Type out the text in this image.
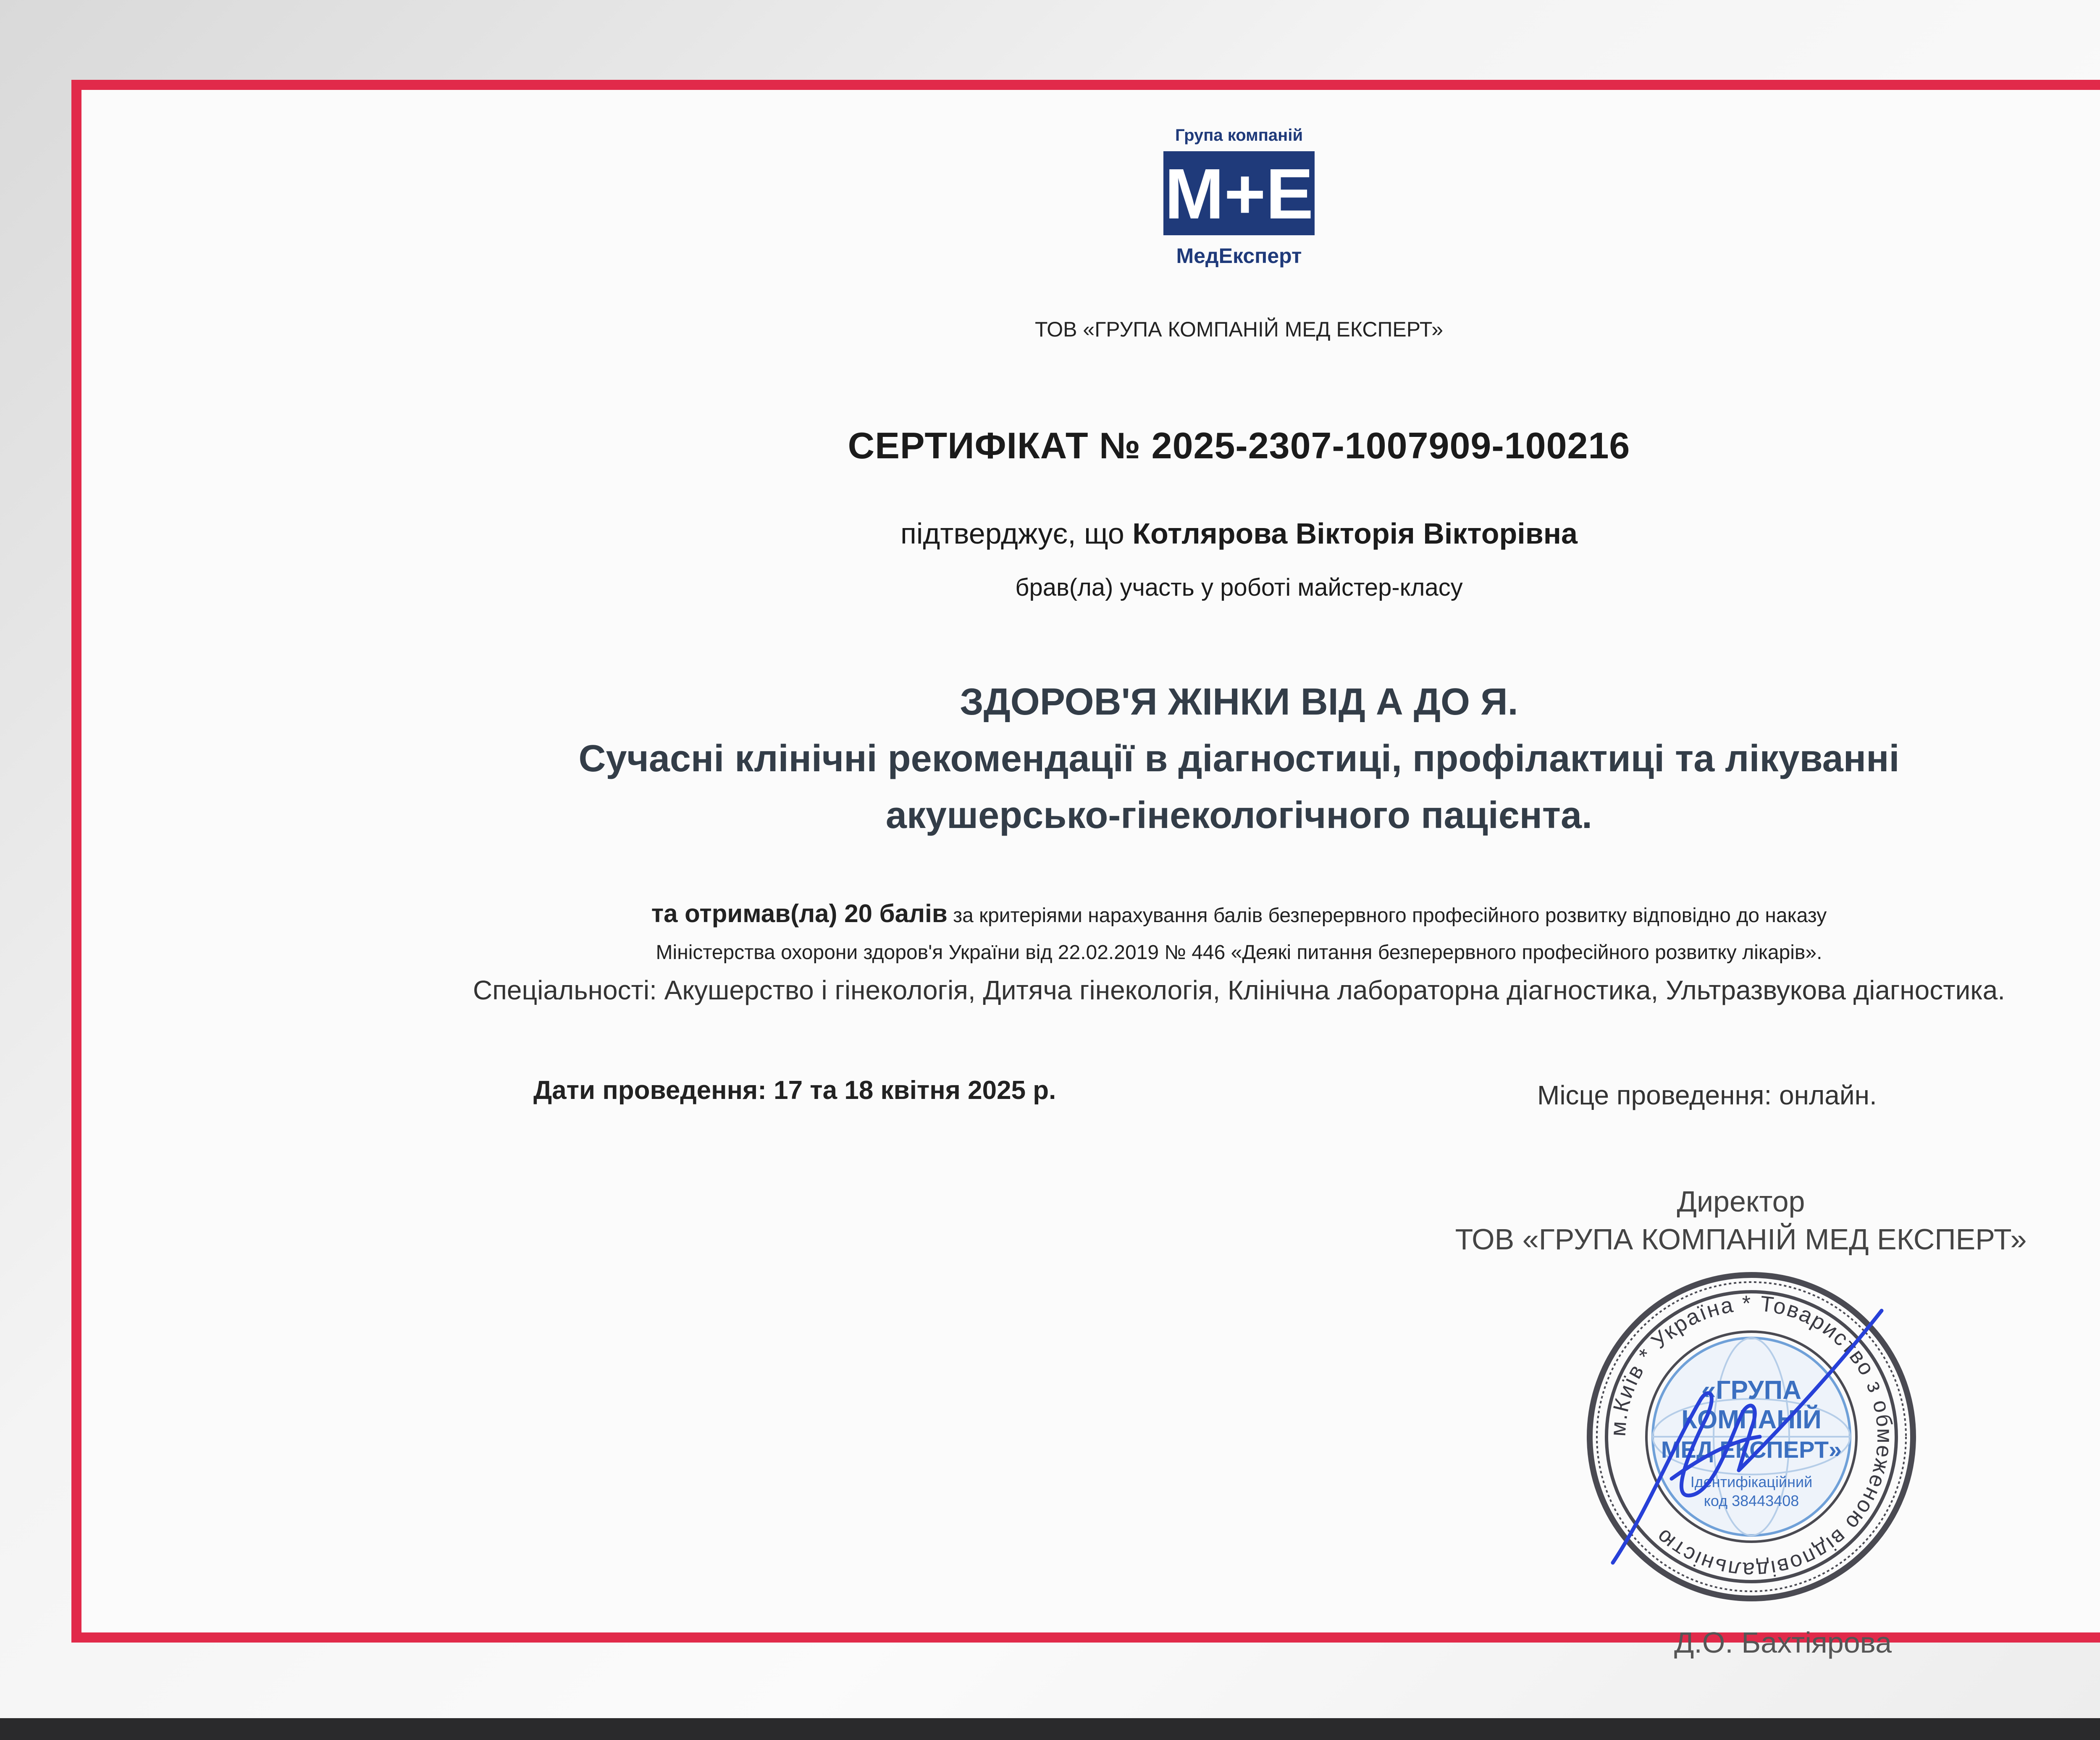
Група компаній
М+Е
МедЕксперт
ТОВ «ГРУПА КОМПАНІЙ МЕД ЕКСПЕРТ»
СЕРТИФІКАТ № 2025-2307-1007909-100216
підтверджує, що Котлярова Вікторія Вікторівна
брав(ла) участь у роботі майстер-класу
ЗДОРОВ'Я ЖІНКИ ВІД А ДО Я.
Сучасні клінічні рекомендації в діагностиці, профілактиці та лікуванні
акушерсько-гінекологічного пацієнта.
та отримав(ла) 20 балів за критеріями нарахування балів безперервного професійного розвитку відповідно до наказу
Міністерства охорони здоров'я України від 22.02.2019 № 446 «Деякі питання безперервного професійного розвитку лікарів».
Спеціальності: Акушерство і гінекологія, Дитяча гінекологія, Клінічна лабораторна діагностика, Ультразвукова діагностика.
Дати проведення: 17 та 18 квітня 2025 р.	Місце проведення: онлайн.
Директор
ТОВ «ГРУПА КОМПАНІЙ МЕД ЕКСПЕРТ»
м.Київ * Україна * Товариство з обмеженою відповідальністю
«ГРУПА
КОМПАНІЙ
МЕД ЕКСПЕРТ»
Ідентифікаційний
код 38443408
Д.О. Бахтіярова
